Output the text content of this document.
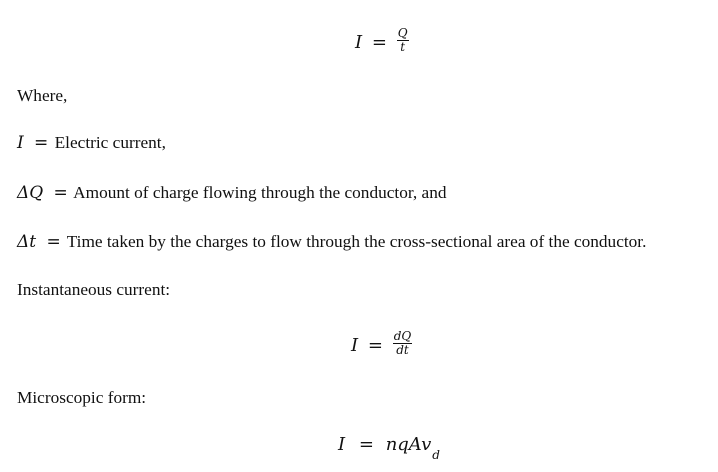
$I = \frac{Q}{t}$
Where,
I = Electric current,
ΔQ = Amount of charge flowing through the conductor, and
Δt = Time taken by the charges to flow through the cross-sectional area of the conductor.
Instantaneous current:
$I = \frac{dQ}{dt}$
Microscopic form:
I = nqAv$_d$
